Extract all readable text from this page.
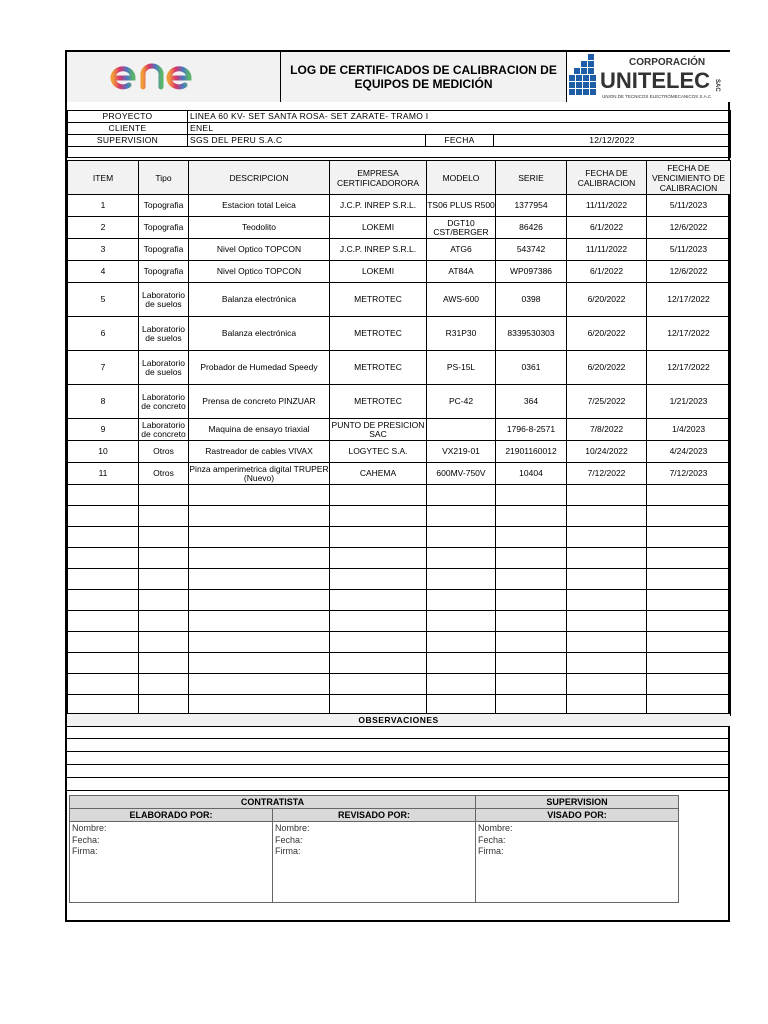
LOG DE CERTIFICADOS DE CALIBRACION DE EQUIPOS DE MEDICIÓN
CORPORACIÓN
UNITELEC SAC
UNION DE TECNICOS ELECTROMECANICOS S.A.C

PROYECTO	LINEA 60 KV- SET SANTA ROSA- SET ZARATE- TRAMO I		
CLIENTE	ENEL		
SUPERVISION	SGS DEL PERU S.A.C	FECHA	12/12/2022

ITEM	Tipo	DESCRIPCION	EMPRESA CERTIFICADORORA	MODELO	SERIE	FECHA DE CALIBRACION	FECHA DE VENCIMIENTO DE CALIBRACION
1	Topografia	Estacion total Leica	J.C.P. INREP S.R.L.	TS06 PLUS R500	1377954	11/11/2022	5/11/2023
2	Topografia	Teodolito	LOKEMI	DGT10 CST/BERGER	86426	6/1/2022	12/6/2022
3	Topografia	Nivel Optico TOPCON	J.C.P. INREP S.R.L.	ATG6	543742	11/11/2022	5/11/2023
4	Topografia	Nivel Optico TOPCON	LOKEMI	AT84A	WP097386	6/1/2022	12/6/2022
5	Laboratorio de suelos	Balanza electrónica	METROTEC	AWS-600	0398	6/20/2022	12/17/2022
6	Laboratorio de suelos	Balanza electrónica	METROTEC	R31P30	8339530303	6/20/2022	12/17/2022
7	Laboratorio de suelos	Probador de Humedad Speedy	METROTEC	PS-15L	0361	6/20/2022	12/17/2022
8	Laboratorio de concreto	Prensa de concreto PINZUAR	METROTEC	PC-42	364	7/25/2022	1/21/2023
9	Laboratorio de concreto	Maquina de ensayo triaxial	PUNTO DE PRESICION SAC		1796-8-2571	7/8/2022	1/4/2023
10	Otros	Rastreador de cables VIVAX	LOGYTEC S.A.	VX219-01	21901160012	10/24/2022	4/24/2023
11	Otros	Pinza amperimetrica digital TRUPER (Nuevo)	CAHEMA	600MV-750V	10404	7/12/2022	7/12/2023

OBSERVACIONES
CONTRATISTA		SUPERVISION
ELABORADO POR:	REVISADO POR:	VISADO POR:
Nombre:	Nombre:	Nombre:
Fecha:	Fecha:	Fecha:
Firma:	Firma:	Firma:
